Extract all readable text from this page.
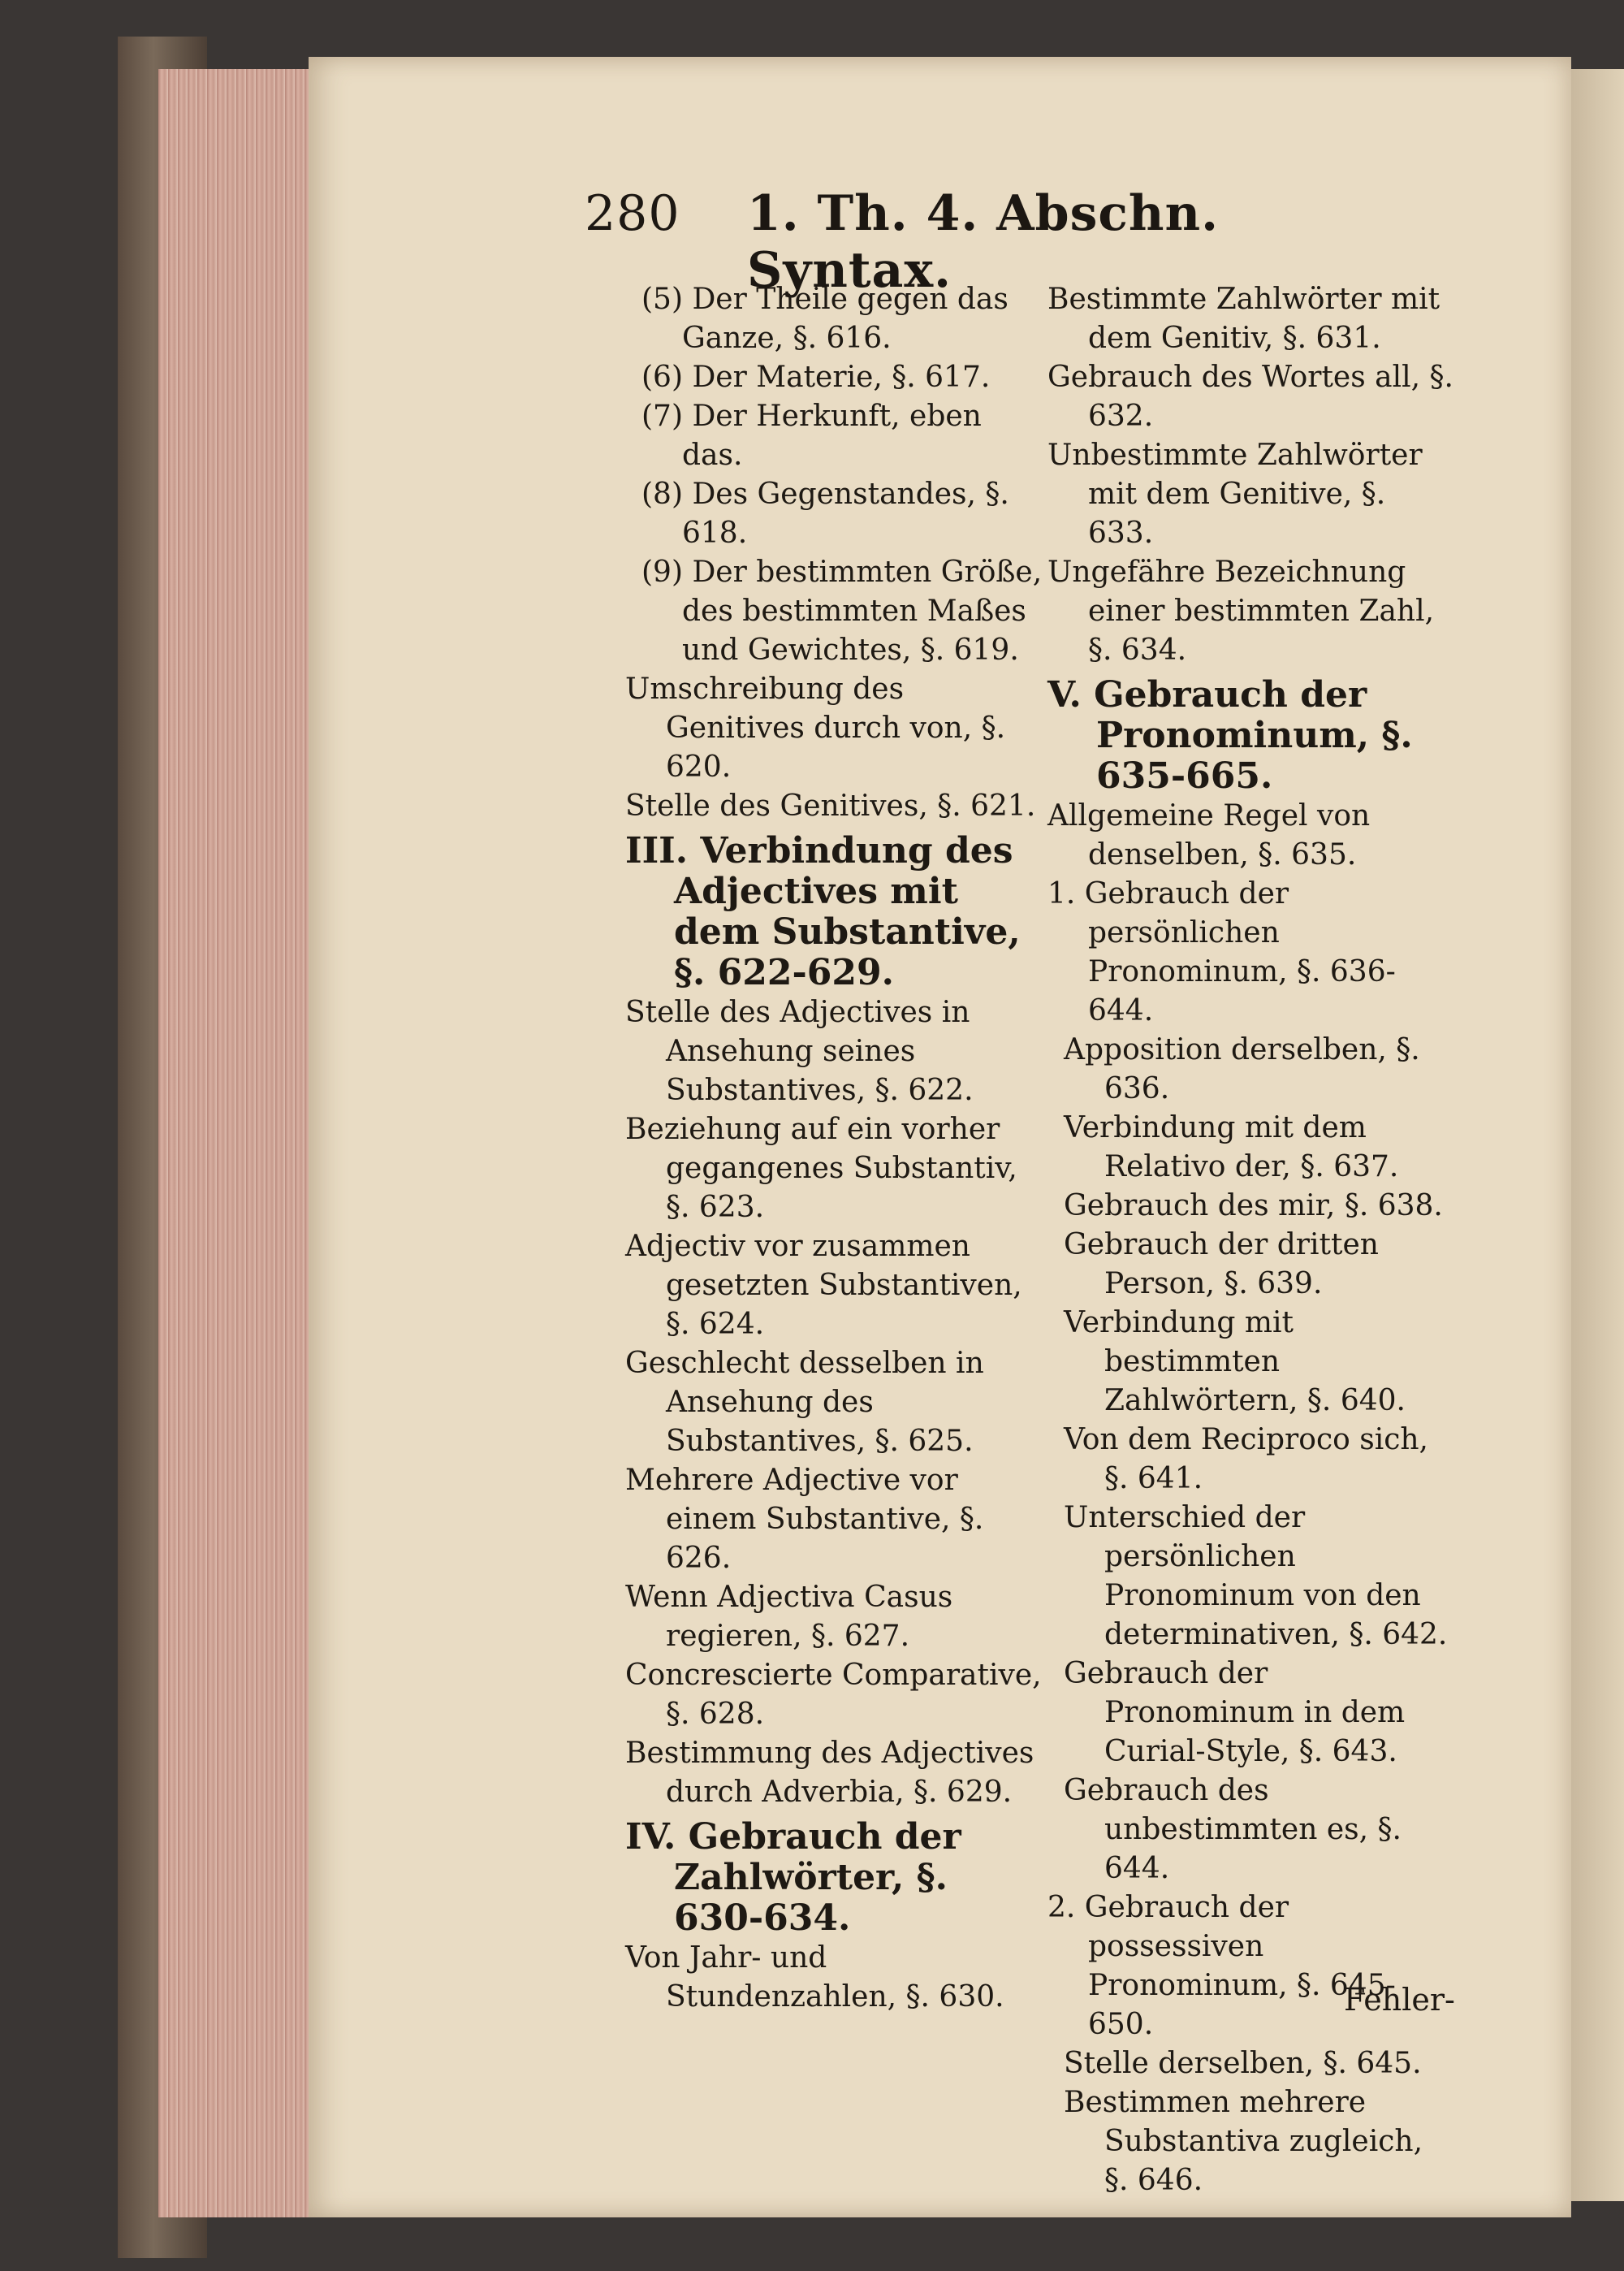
280 1. Th. 4. Abschn. Syntax.
(5) Der Theile gegen das Ganze, §. 616.
(6) Der Materie, §. 617.
(7) Der Herkunft, eben das.
(8) Des Gegenstandes, §. 618.
(9) Der bestimmten Größe, des bestimmten Maßes und Gewichtes, §. 619.
Umschreibung des Genitives durch von, §. 620.
Stelle des Genitives, §. 621.
III. Verbindung des Adjectives mit dem Substantive, §. 622-629.
Stelle des Adjectives in Ansehung seines Substantives, §. 622.
Beziehung auf ein vorher gegangenes Substantiv, §. 623.
Adjectiv vor zusammen gesetzten Substantiven, §. 624.
Geschlecht desselben in Ansehung des Substantives, §. 625.
Mehrere Adjective vor einem Substantive, §. 626.
Wenn Adjectiva Casus regieren, §. 627.
Concrescierte Comparative, §. 628.
Bestimmung des Adjectives durch Adverbia, §. 629.
IV. Gebrauch der Zahlwörter, §. 630-634.
Von Jahr- und Stundenzahlen, §. 630.
Bestimmte Zahlwörter mit dem Genitiv, §. 631.
Gebrauch des Wortes all, §. 632.
Unbestimmte Zahlwörter mit dem Genitive, §. 633.
Ungefähre Bezeichnung einer bestimmten Zahl, §. 634.
V. Gebrauch der Pronominum, §. 635-665.
Allgemeine Regel von denselben, §. 635.
1. Gebrauch der persönlichen Pronominum, §. 636-644.
Apposition derselben, §. 636.
Verbindung mit dem Relativo der, §. 637.
Gebrauch des mir, §. 638.
Gebrauch der dritten Person, §. 639.
Verbindung mit bestimmten Zahlwörtern, §. 640.
Von dem Reciproco sich, §. 641.
Unterschied der persönlichen Pronominum von den determinativen, §. 642.
Gebrauch der Pronominum in dem Curial-Style, §. 643.
Gebrauch des unbestimmten es, §. 644.
2. Gebrauch der possessiven Pronominum, §. 645-650.
Stelle derselben, §. 645.
Bestimmen mehrere Substantiva zugleich, §. 646.
Fehler-
